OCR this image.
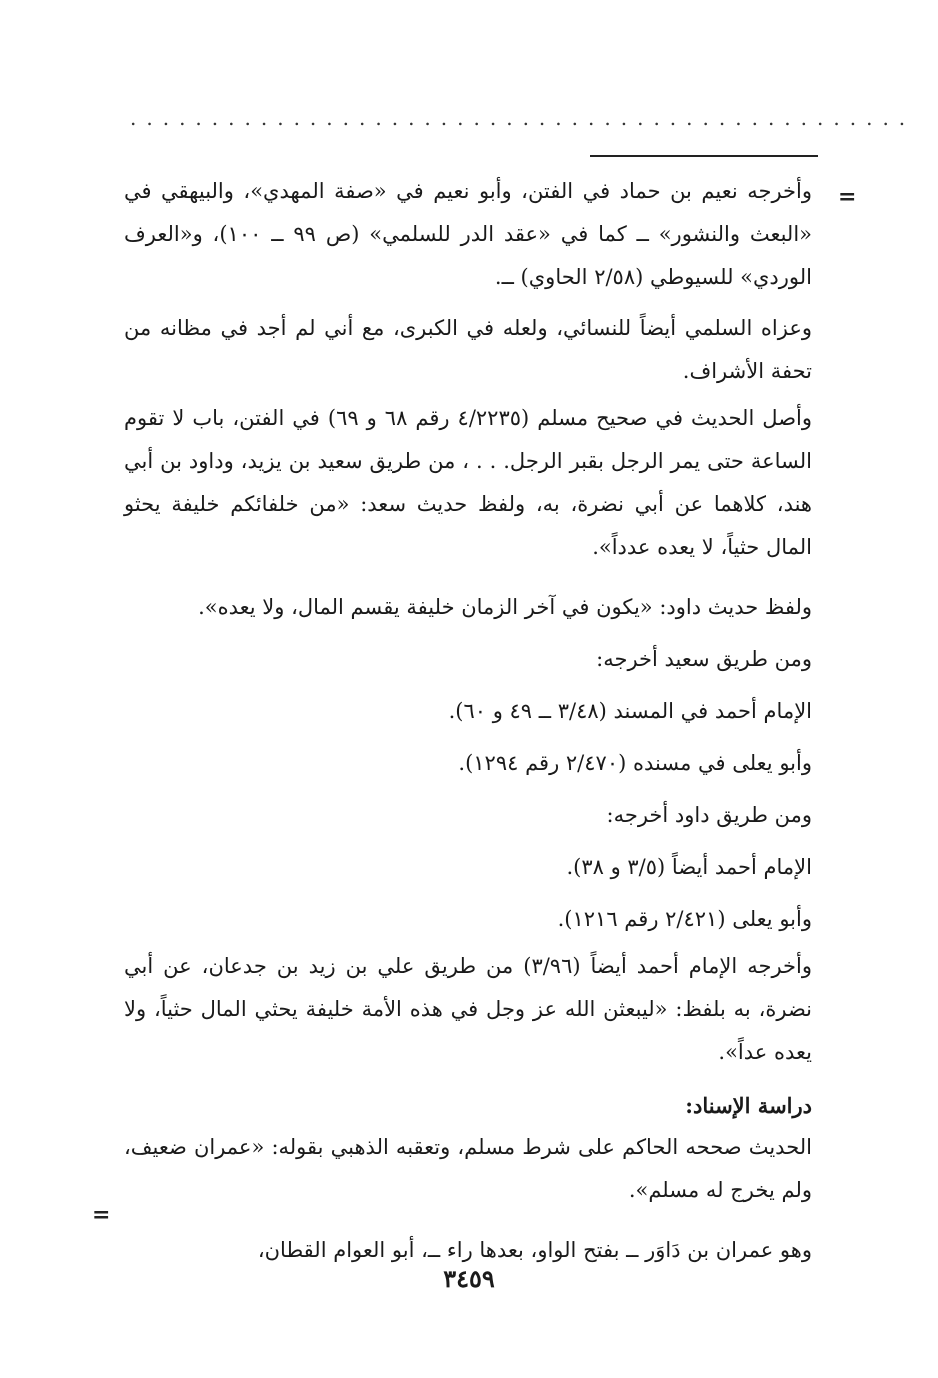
................................................
=
=

وأخرجه نعيم بن حماد في الفتن، وأبو نعيم في «صفة المهدي»، والبيهقي في «البعث والنشور» ــ كما في «عقد الدر للسلمي» (ص ٩٩ ــ ١٠٠)، و«العرف الوردي» للسيوطي (٢/٥٨ الحاوي) ــ.

وعزاه السلمي أيضاً للنسائي، ولعله في الكبرى، مع أني لم أجد في مظانه من تحفة الأشراف.

وأصل الحديث في صحيح مسلم (٤/٢٢٣٥ رقم ٦٨ و ٦٩) في الفتن، باب لا تقوم الساعة حتى يمر الرجل بقبر الرجل. . . ، من طريق سعيد بن يزيد، وداود بن أبي هند، كلاهما عن أبي نضرة، به، ولفظ حديث سعد: «من خلفائكم خليفة يحثو المال حثياً، لا يعده عدداً».

ولفظ حديث داود: «يكون في آخر الزمان خليفة يقسم المال، ولا يعده».

ومن طريق سعيد أخرجه:

الإمام أحمد في المسند (٣/٤٨ ــ ٤٩ و ٦٠).

وأبو يعلى في مسنده (٢/٤٧٠ رقم ١٢٩٤).

ومن طريق داود أخرجه:

الإمام أحمد أيضاً (٣/٥ و ٣٨).

وأبو يعلى (٢/٤٢١ رقم ١٢١٦).

وأخرجه الإمام أحمد أيضاً (٣/٩٦) من طريق علي بن زيد بن جدعان، عن أبي نضرة، به بلفظ: «ليبعثن الله عز وجل في هذه الأمة خليفة يحثي المال حثياً، ولا يعده عداً».

دراسة الإسناد:

الحديث صححه الحاكم على شرط مسلم، وتعقبه الذهبي بقوله: «عمران ضعيف، ولم يخرج له مسلم».

وهو عمران بن دَاوَر ــ بفتح الواو، بعدها راء ــ، أبو العوام القطان،

٣٤٥٩
